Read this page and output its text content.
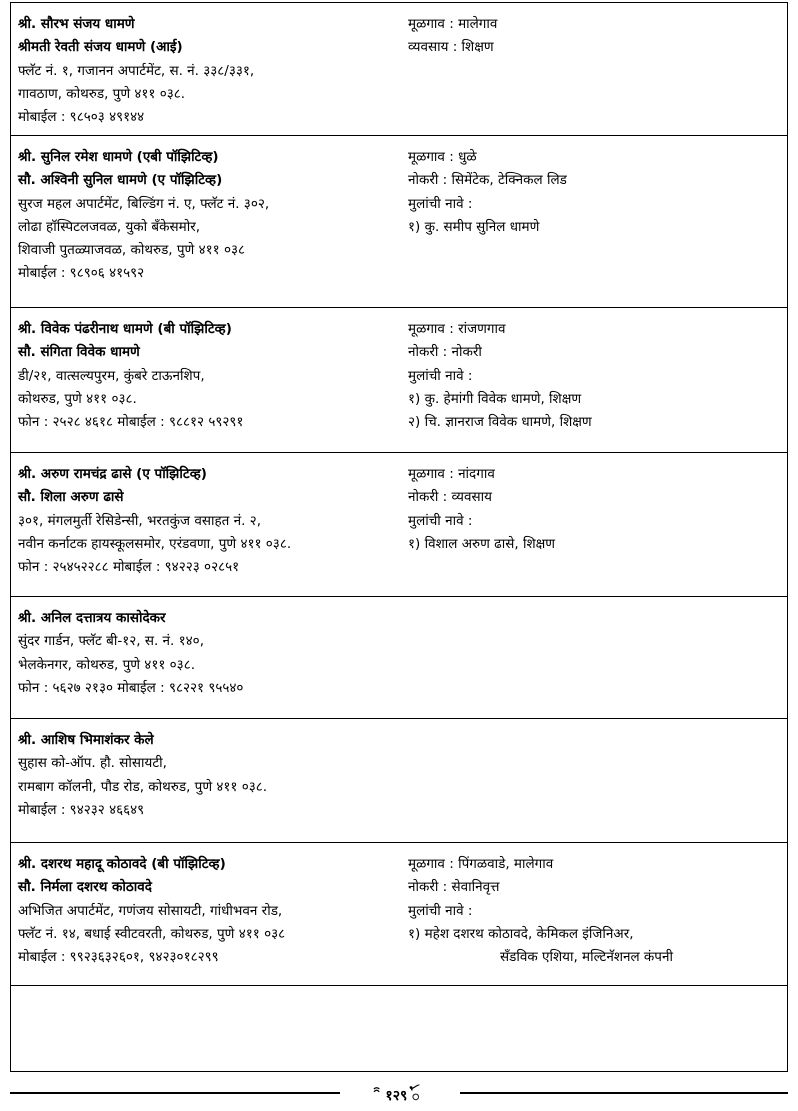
श्री. सौरभ संजय धामणे
श्रीमती रेवती संजय धामणे (आई)
फ्लॅट नं. १, गजानन अपार्टमेंट, स. नं. ३३८/३३१,
गावठाण, कोथरुड, पुणे ४११ ०३८.
मोबाईल : ९८५०३ ४९१४४
मूळगाव : मालेगाव
व्यवसाय : शिक्षण
श्री. सुनिल रमेश धामणे (एबी पॉझिटिव्ह)
सौ. अश्विनी सुनिल धामणे (ए पॉझिटिव्ह)
सुरज महल अपार्टमेंट, बिल्डिंग नं. ए, फ्लॅट नं. ३०२,
लोढा हॉस्पिटलजवळ, युको बँकेसमोर,
शिवाजी पुतळ्याजवळ, कोथरुड, पुणे ४११ ०३८
मोबाईल : ९८९०६ ४१५९२
मूळगाव : धुळे
नोकरी : सिमेंटेक, टेक्निकल लिड
मुलांची नावे :
१) कु. समीप सुनिल धामणे
श्री. विवेक पंढरीनाथ धामणे (बी पॉझिटिव्ह)
सौ. संगिता विवेक धामणे
डी/२१, वात्सल्यपुरम, कुंबरे टाऊनशिप,
कोथरुड, पुणे ४११ ०३८.
फोन : २५२८ ४६१८ मोबाईल : ९८८१२ ५९२९१
मूळगाव : रांजणगाव
नोकरी : नोकरी
मुलांची नावे :
१) कु. हेमांगी विवेक धामणे, शिक्षण
२) चि. ज्ञानराज विवेक धामणे, शिक्षण
श्री. अरुण रामचंद्र ढासे (ए पॉझिटिव्ह)
सौ. शिला अरुण ढासे
३०१, मंगलमुर्ती रेसिडेन्सी, भरतकुंज वसाहत नं. २,
नवीन कर्नाटक हायस्कूलसमोर, एरंडवणा, पुणे ४११ ०३८.
फोन : २५४५२२८८ मोबाईल : ९४२२३ ०२८५१
मूळगाव : नांदगाव
नोकरी : व्यवसाय
मुलांची नावे :
१) विशाल अरुण ढासे, शिक्षण
श्री. अनिल दत्तात्रय कासोदेकर
सुंदर गार्डन, फ्लॅट बी-१२, स. नं. १४०,
भेलकेनगर, कोथरुड, पुणे ४११ ०३८.
फोन : ५६२७ २१३० मोबाईल : ९८२२१ ९५५४०
श्री. आशिष भिमाशंकर केले
सुहास को-ऑप. हौ. सोसायटी,
रामबाग कॉलनी, पौड रोड, कोथरुड, पुणे ४११ ०३८.
मोबाईल : ९४२३२ ४६६४९
श्री. दशरथ महादू कोठावदे (बी पॉझिटिव्ह)
सौ. निर्मला दशरथ कोठावदे
अभिजित अपार्टमेंट, गणंजय सोसायटी, गांधीभवन रोड,
फ्लॅट नं. १४, बधाई स्वीटवरती, कोथरुड, पुणे ४११ ०३८
मोबाईल : ९९२३६३२६०१, ९४२३०१८२९९
मूळगाव : पिंगळवाडे, मालेगाव
नोकरी : सेवानिवृत्त
मुलांची नावे :
१) महेश दशरथ कोठावदे, केमिकल इंजिनिअर,
सँडविक एशिया, मल्टिनॅशनल कंपनी
१२९ ꪳ
